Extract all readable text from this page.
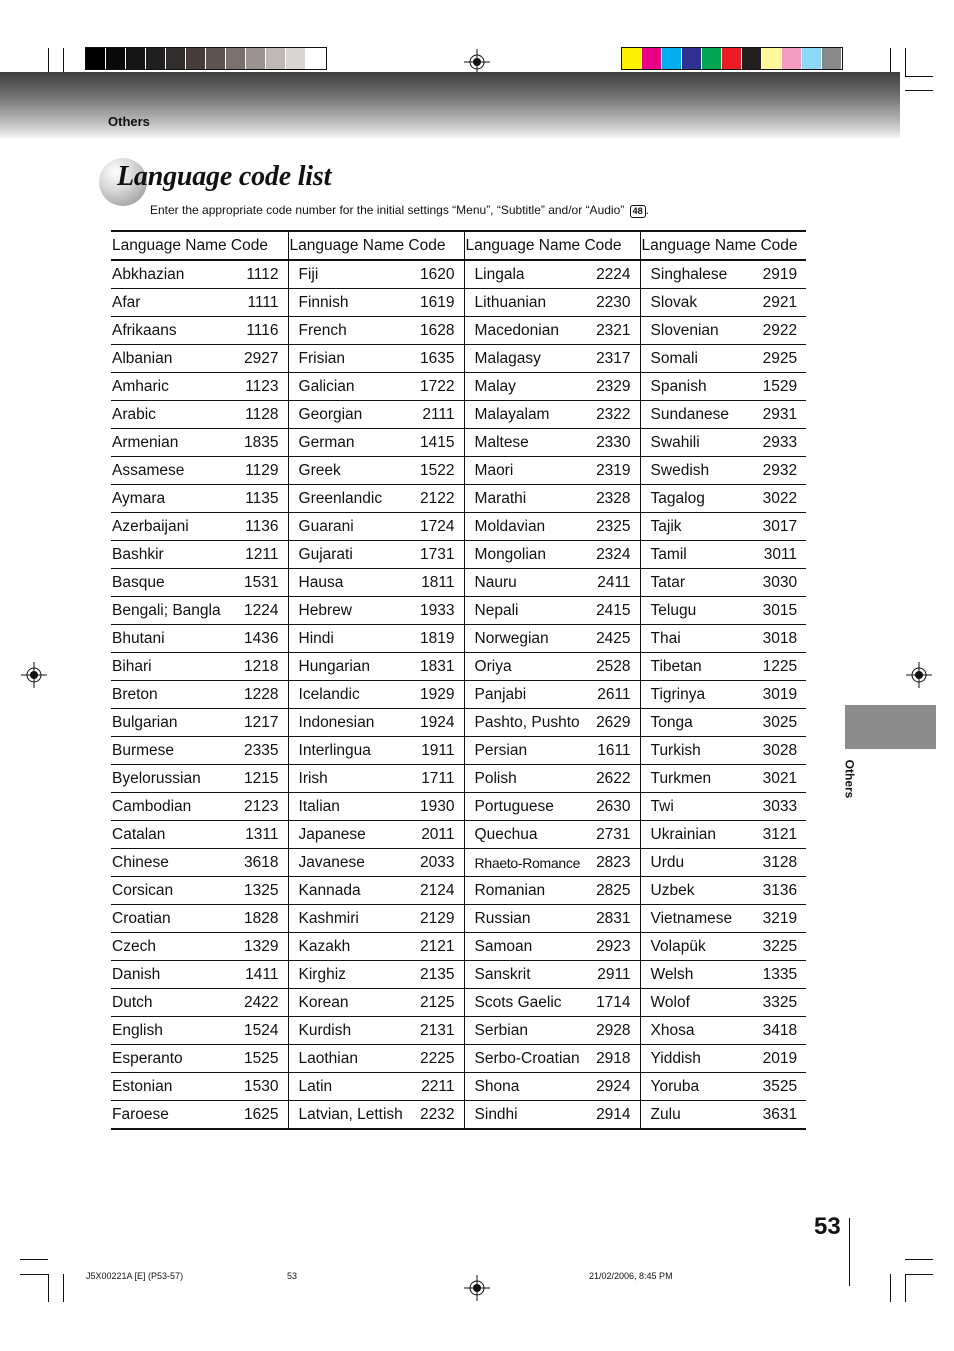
Others
Language code list
Enter the appropriate code number for the initial settings “Menu”, “Subtitle” and/or “Audio” 48 .
Language Name Code		Language Name Code		Language Name Code		Language Name Code	
Abkhazian	1112	Fiji	1620	Lingala	2224	Singhalese	2919
Afar	1111	Finnish	1619	Lithuanian	2230	Slovak	2921
Afrikaans	1116	French	1628	Macedonian	2321	Slovenian	2922
Albanian	2927	Frisian	1635	Malagasy	2317	Somali	2925
Amharic	1123	Galician	1722	Malay	2329	Spanish	1529
Arabic	1128	Georgian	2111	Malayalam	2322	Sundanese	2931
Armenian	1835	German	1415	Maltese	2330	Swahili	2933
Assamese	1129	Greek	1522	Maori	2319	Swedish	2932
Aymara	1135	Greenlandic	2122	Marathi	2328	Tagalog	3022
Azerbaijani	1136	Guarani	1724	Moldavian	2325	Tajik	3017
Bashkir	1211	Gujarati	1731	Mongolian	2324	Tamil	3011
Basque	1531	Hausa	1811	Nauru	2411	Tatar	3030
Bengali; Bangla	1224	Hebrew	1933	Nepali	2415	Telugu	3015
Bhutani	1436	Hindi	1819	Norwegian	2425	Thai	3018
Bihari	1218	Hungarian	1831	Oriya	2528	Tibetan	1225
Breton	1228	Icelandic	1929	Panjabi	2611	Tigrinya	3019
Bulgarian	1217	Indonesian	1924	Pashto, Pushto	2629	Tonga	3025
Burmese	2335	Interlingua	1911	Persian	1611	Turkish	3028
Byelorussian	1215	Irish	1711	Polish	2622	Turkmen	3021
Cambodian	2123	Italian	1930	Portuguese	2630	Twi	3033
Catalan	1311	Japanese	2011	Quechua	2731	Ukrainian	3121
Chinese	3618	Javanese	2033	Rhaeto-Romance	2823	Urdu	3128
Corsican	1325	Kannada	2124	Romanian	2825	Uzbek	3136
Croatian	1828	Kashmiri	2129	Russian	2831	Vietnamese	3219
Czech	1329	Kazakh	2121	Samoan	2923	Volapük	3225
Danish	1411	Kirghiz	2135	Sanskrit	2911	Welsh	1335
Dutch	2422	Korean	2125	Scots Gaelic	1714	Wolof	3325
English	1524	Kurdish	2131	Serbian	2928	Xhosa	3418
Esperanto	1525	Laothian	2225	Serbo-Croatian	2918	Yiddish	2019
Estonian	1530	Latin	2211	Shona	2924	Yoruba	3525
Faroese	1625	Latvian, Lettish	2232	Sindhi	2914	Zulu	3631
Others
53
J5X00221A [E] (P53-57)	53	21/02/2006, 8:45 PM
